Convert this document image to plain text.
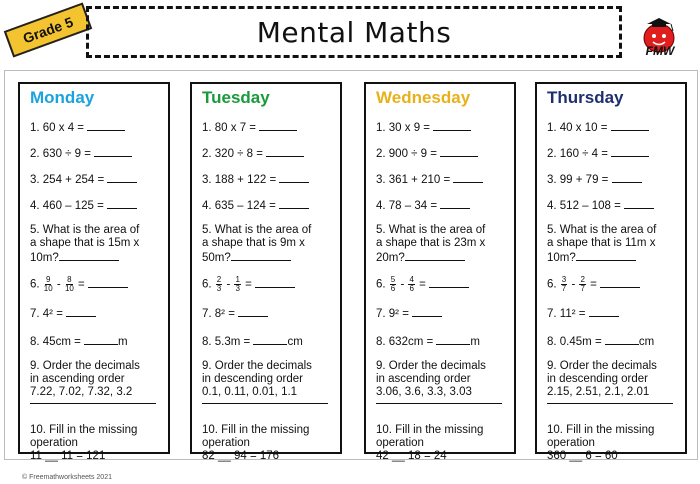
Grade 5	Mental Maths
FMW
Monday
1. 60 x 4 =
2. 630 ÷ 9 =
3. 254 + 254 =
4. 460 – 125 =
5. What is the area of
a shape that is 15m x
10m?
6. $\frac{9}{10} - \frac{8}{10}$ =
7. 4² =
8. 45cm =	m
9. Order the decimals
in ascending order
7.22, 7.02, 7.32, 3.2
10. Fill in the missing
operation
11 __ 11 = 121
Tuesday
1. 80 x 7 =
2. 320 ÷ 8 =
3. 188 + 122 =
4. 635 – 124 =
5. What is the area of
a shape that is 9m x
50m?
6. $\frac{2}{3} - \frac{1}{3}$ =
7. 8² =
8. 5.3m =	cm
9. Order the decimals
in descending order
0.1, 0.11, 0.01, 1.1
10. Fill in the missing
operation
82 __ 94 = 176
Wednesday
1. 30 x 9 =
2. 900 ÷ 9 =
3. 361 + 210 =
4. 78 – 34 =
5. What is the area of
a shape that is 23m x
20m?
6. $\frac{5}{6} - \frac{4}{6}$ =
7. 9² =
8. 632cm =	m
9. Order the decimals
in ascending order
3.06, 3.6, 3.3, 3.03
10. Fill in the missing
operation
42 __ 18 = 24
Thursday
1. 40 x 10 =
2. 160 ÷ 4 =
3. 99 + 79 =
4. 512 – 108 =
5. What is the area of
a shape that is 11m x
10m?
6. $\frac{3}{7} - \frac{2}{7}$ =
7. 11² =
8. 0.45m =	cm
9. Order the decimals
in descending order
2.15, 2.51, 2.1, 2.01
10. Fill in the missing
operation
360 __ 6 = 60
© Freemathworksheets 2021
